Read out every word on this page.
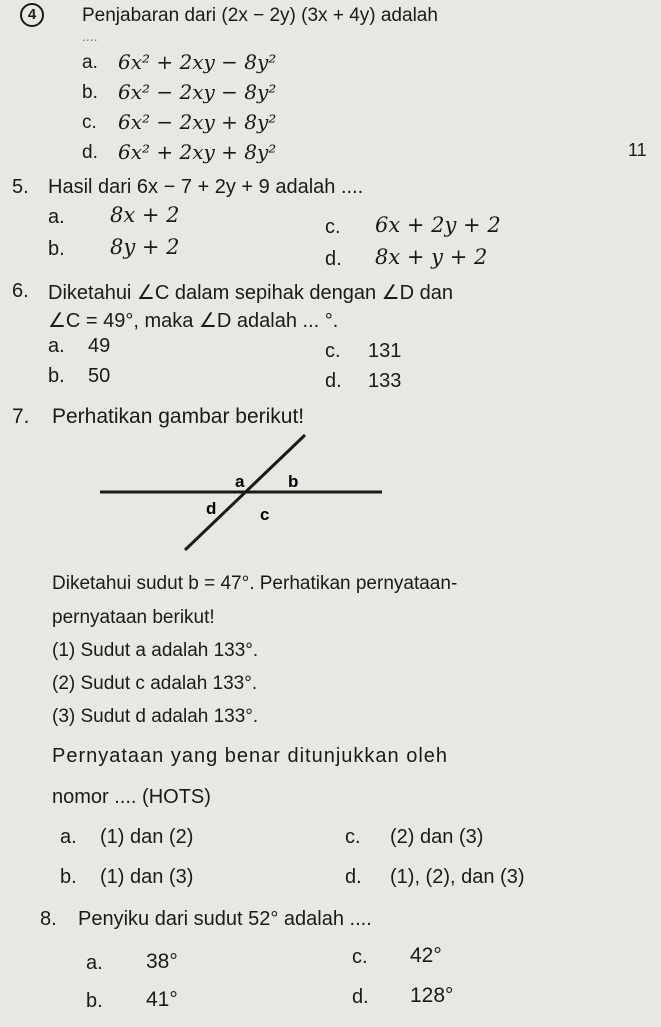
4	Penjabaran dari (2x − 2y) (3x + 4y) adalah
....
a. 6x² + 2xy − 8y²
b. 6x² − 2xy − 8y²
c. 6x² − 2xy + 8y²
d. 6x² + 2xy + 8y²	11
5. Hasil dari 6x − 7 + 2y + 9 adalah ....
a. 8x + 2
b. 8y + 2
c. 6x + 2y + 2
d. 8x + y + 2
6. Diketahui ∠C dalam sepihak dengan ∠D dan
∠C = 49°, maka ∠D adalah ... °.
a. 49
b. 50
c. 131
d. 133
7. Perhatikan gambar berikut!
a	b
d	c
Diketahui sudut b = 47°. Perhatikan pernyataan-
pernyataan berikut!
(1) Sudut a adalah 133°.
(2) Sudut c adalah 133°.
(3) Sudut d adalah 133°.
Pernyataan yang benar ditunjukkan oleh
nomor .... (HOTS)
a. (1) dan (2)
b. (1) dan (3)
c. (2) dan (3)
d. (1), (2), dan (3)
8. Penyiku dari sudut 52° adalah ....
a. 38°
b. 41°
c. 42°
d. 128°
